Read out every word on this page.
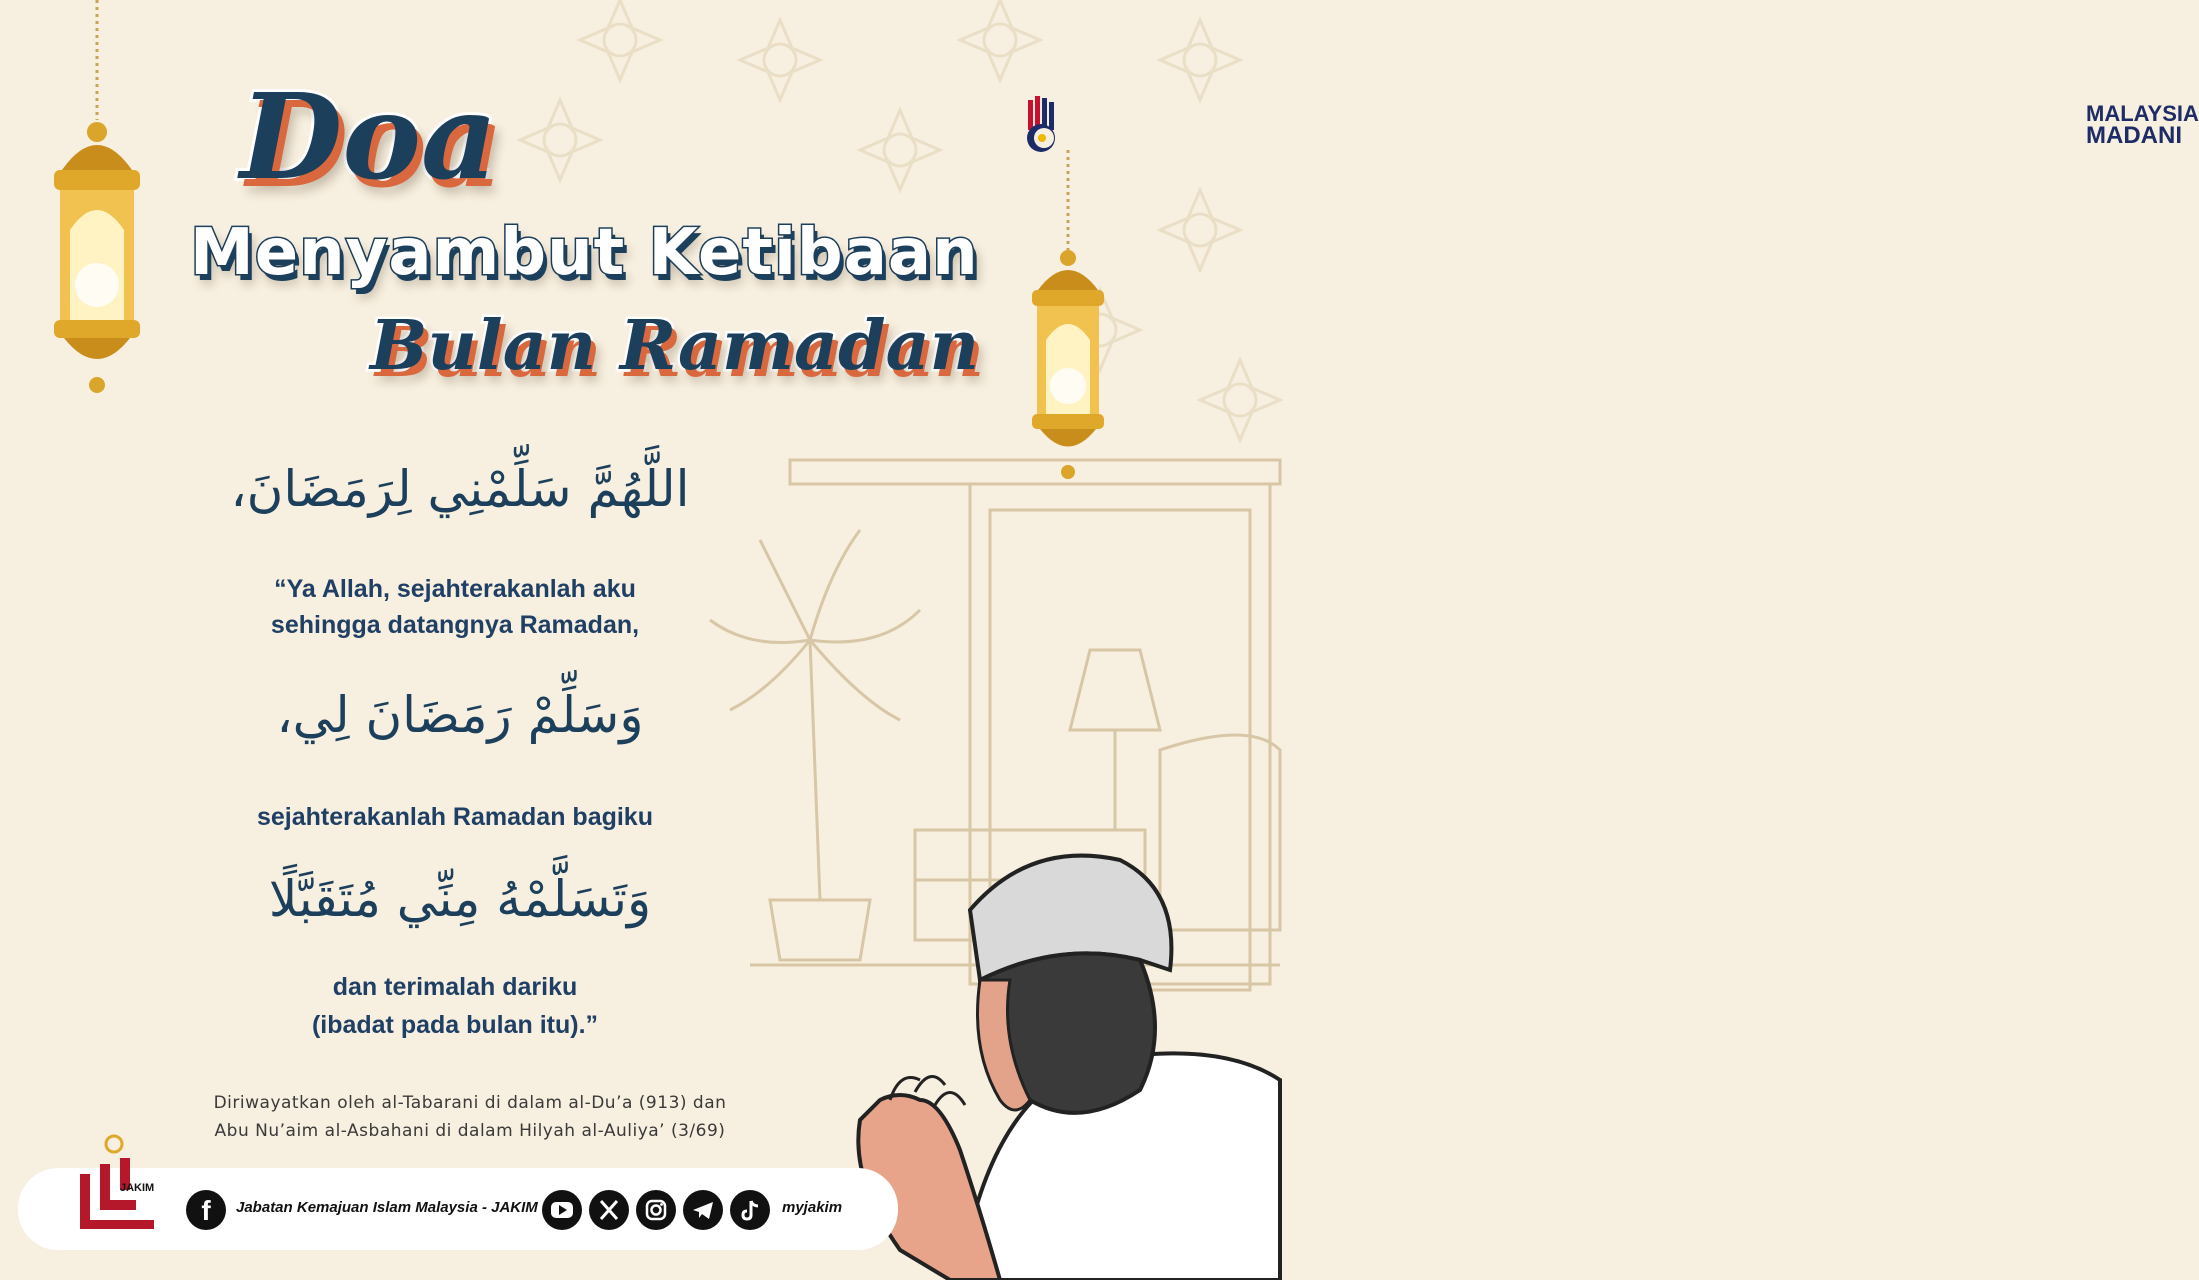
Doa
Menyambut Ketibaan
Bulan Ramadan
MALAYSIA
MADANI
اللَّهُمَّ سَلِّمْنِي لِرَمَضَانَ،
“Ya Allah, sejahterakanlah aku
sehingga datangnya Ramadan,
وَسَلِّمْ رَمَضَانَ لِي،
sejahterakanlah Ramadan bagiku
وَتَسَلَّمْهُ مِنِّي مُتَقَبَّلًا
dan terimalah dariku
(ibadat pada bulan itu).”
Diriwayatkan oleh al-Tabarani di dalam al-Du’a (913) dan
Abu Nu’aim al-Asbahani di dalam Hilyah al-Auliya’ (3/69)
JAKIM
f	Jabatan Kemajuan Islam Malaysia - JAKIM	myjakim
